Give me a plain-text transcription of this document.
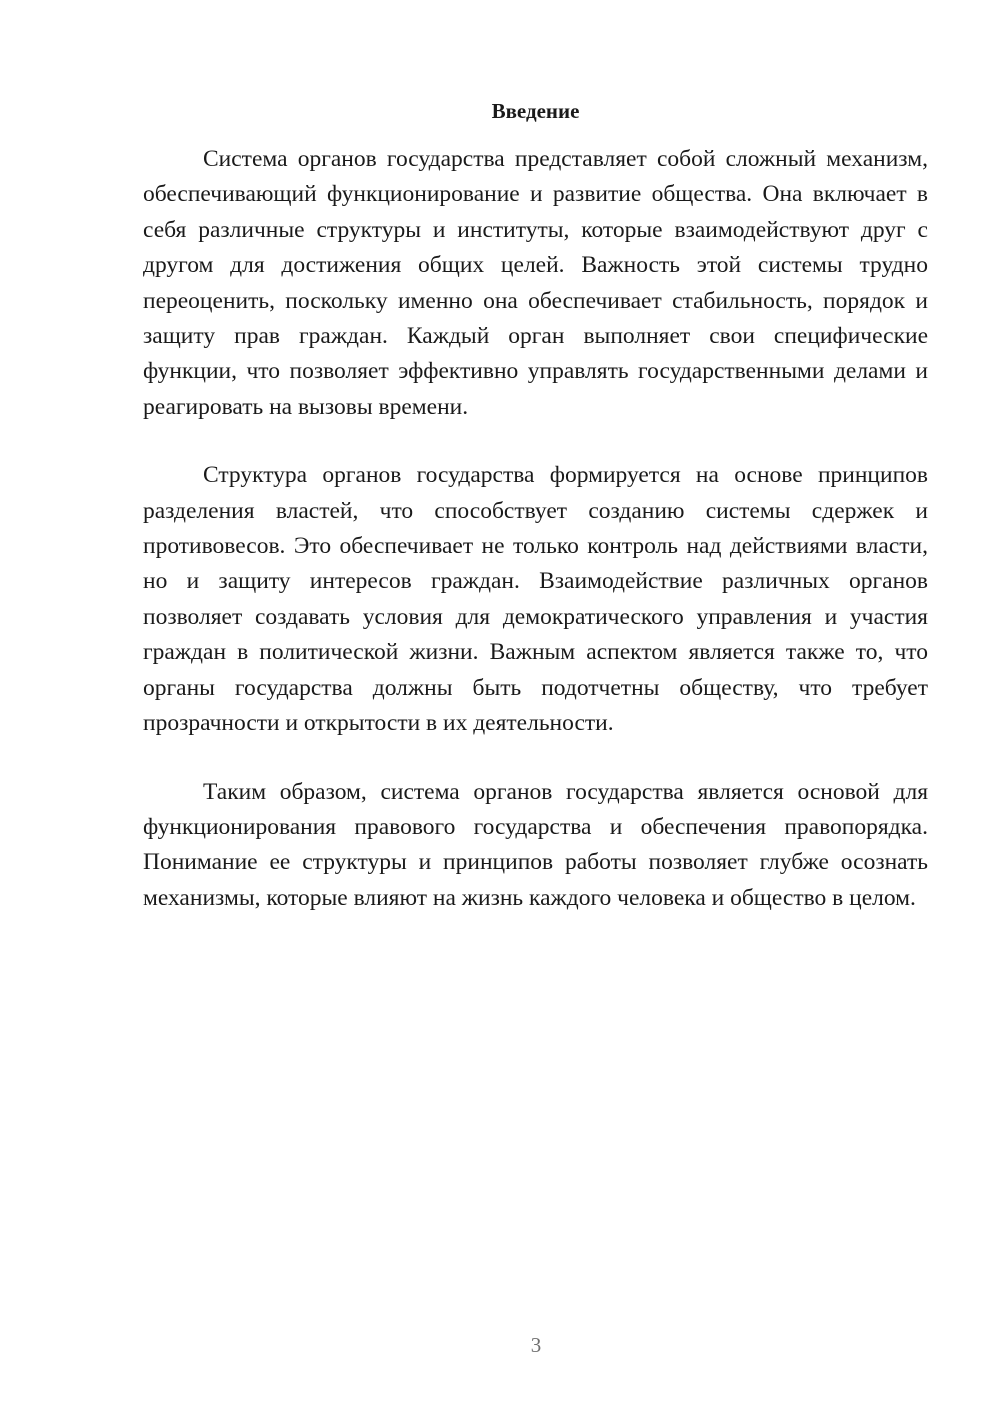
Введение

Система органов государства представляет собой сложный механизм, обеспечивающий функционирование и развитие общества. Она включает в себя различные структуры и институты, которые взаимодействуют друг с другом для достижения общих целей. Важность этой системы трудно переоценить, поскольку именно она обеспечивает стабильность, порядок и защиту прав граждан. Каждый орган выполняет свои специфические функции, что позволяет эффективно управлять государственными делами и реагировать на вызовы времени.

Структура органов государства формируется на основе принципов разделения властей, что способствует созданию системы сдержек и противовесов. Это обеспечивает не только контроль над действиями власти, но и защиту интересов граждан. Взаимодействие различных органов позволяет создавать условия для демократического управления и участия граждан в политической жизни. Важным аспектом является также то, что органы государства должны быть подотчетны обществу, что требует прозрачности и открытости в их деятельности.

Таким образом, система органов государства является основой для функционирования правового государства и обеспечения правопорядка. Понимание ее структуры и принципов работы позволяет глубже осознать механизмы, которые влияют на жизнь каждого человека и общество в целом.

3
